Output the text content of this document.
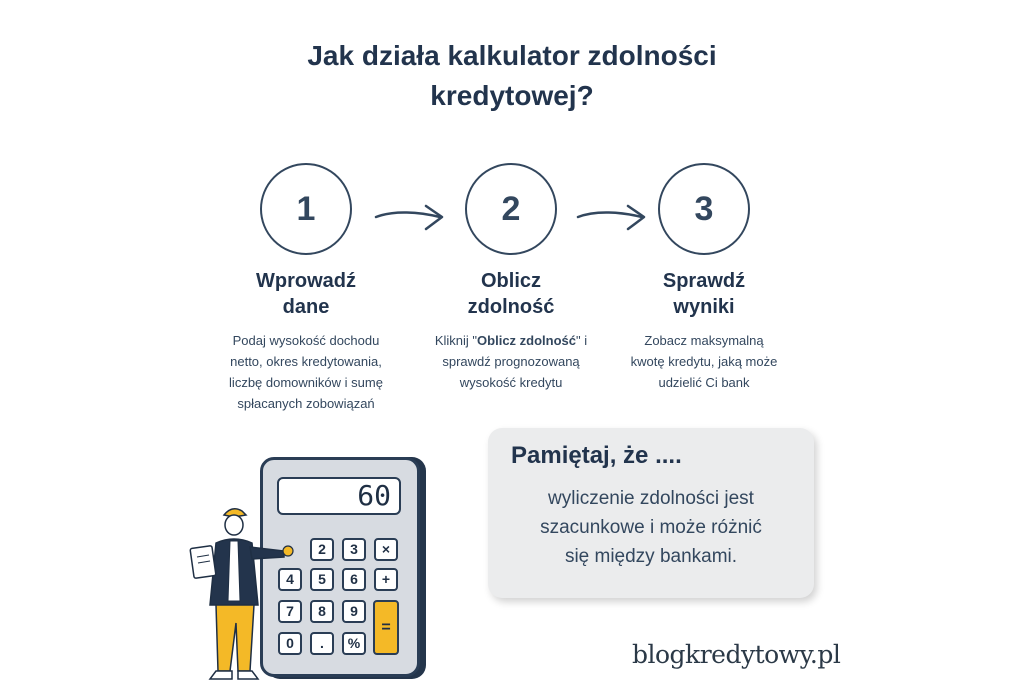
Jak działa kalkulator zdolności
kredytowej?
1	2	3
Wprowadź
dane
Oblicz
zdolność
Sprawdź
wyniki
Podaj wysokość dochodu
netto, okres kredytowania,
liczbę domowników i sumę
spłacanych zobowiązań
Kliknij "Oblicz zdolność" i
sprawdź prognozowaną
wysokość kredytu
Zobacz maksymalną
kwotę kredytu, jaką może
udzielić Ci bank
60
2	3	×
4	5	6	+
7	8	9
0	.	%
=
Pamiętaj, że ....
wyliczenie zdolności jest
szacunkowe i może różnić
się między bankami.
blogkredytowy.pl
